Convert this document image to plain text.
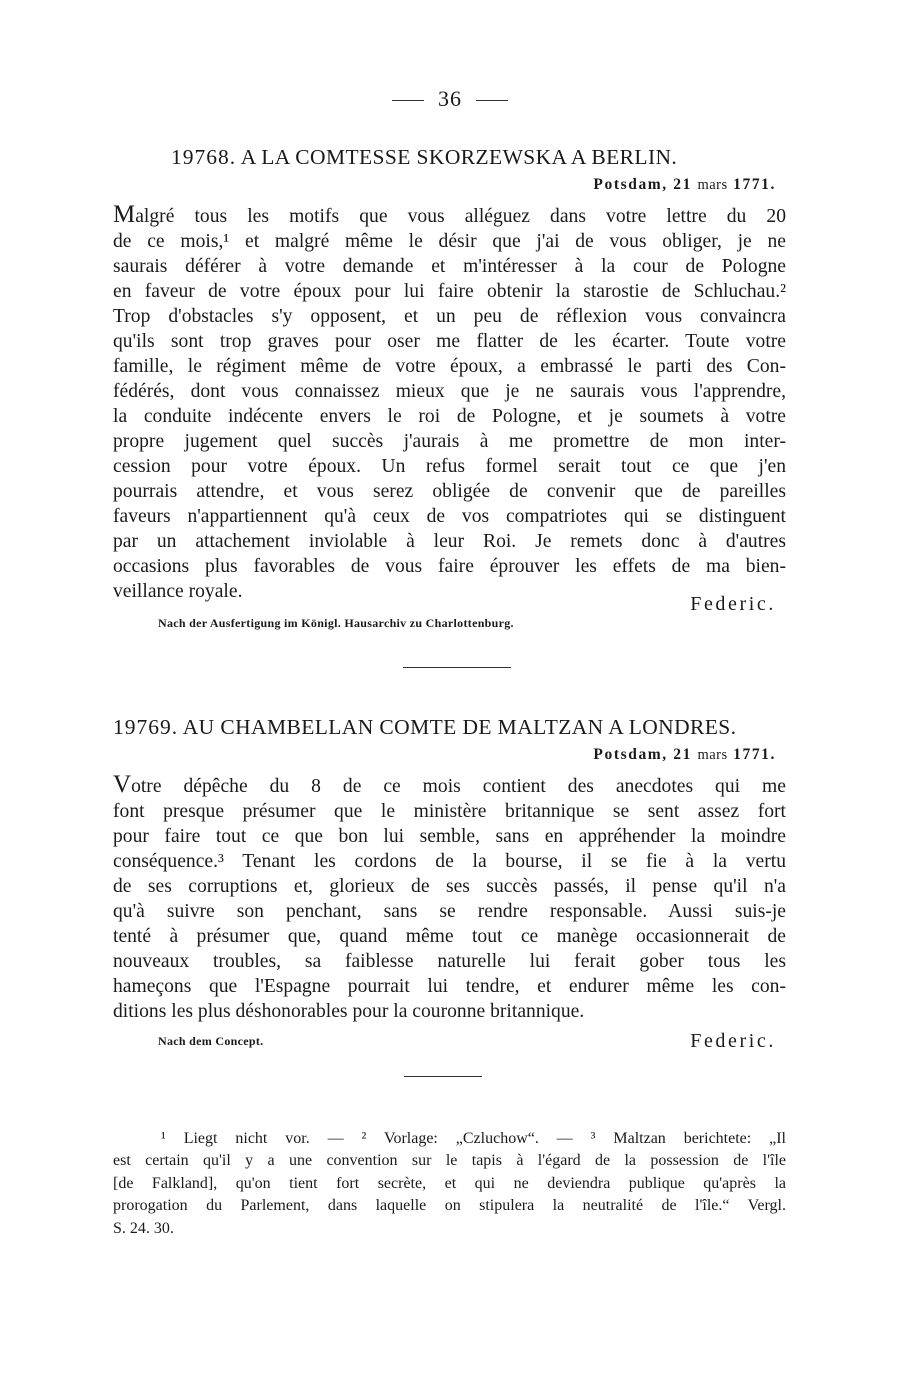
36
19768. A LA COMTESSE SKORZEWSKA A BERLIN.
Potsdam, 21 mars 1771.
Malgré tous les motifs que vous alléguez dans votre lettre du 20
de ce mois,¹ et malgré même le désir que j'ai de vous obliger, je ne
saurais déférer à votre demande et m'intéresser à la cour de Pologne
en faveur de votre époux pour lui faire obtenir la starostie de Schluchau.²
Trop d'obstacles s'y opposent, et un peu de réflexion vous convaincra
qu'ils sont trop graves pour oser me flatter de les écarter. Toute votre
famille, le régiment même de votre époux, a embrassé le parti des Con-
fédérés, dont vous connaissez mieux que je ne saurais vous l'apprendre,
la conduite indécente envers le roi de Pologne, et je soumets à votre
propre jugement quel succès j'aurais à me promettre de mon inter-
cession pour votre époux. Un refus formel serait tout ce que j'en
pourrais attendre, et vous serez obligée de convenir que de pareilles
faveurs n'appartiennent qu'à ceux de vos compatriotes qui se distinguent
par un attachement inviolable à leur Roi. Je remets donc à d'autres
occasions plus favorables de vous faire éprouver les effets de ma bien-
veillance royale.
Federic.
Nach der Ausfertigung im Königl. Hausarchiv zu Charlottenburg.
19769. AU CHAMBELLAN COMTE DE MALTZAN A LONDRES.
Potsdam, 21 mars 1771.
Votre dépêche du 8 de ce mois contient des anecdotes qui me
font presque présumer que le ministère britannique se sent assez fort
pour faire tout ce que bon lui semble, sans en appréhender la moindre
conséquence.³ Tenant les cordons de la bourse, il se fie à la vertu
de ses corruptions et, glorieux de ses succès passés, il pense qu'il n'a
qu'à suivre son penchant, sans se rendre responsable. Aussi suis-je
tenté à présumer que, quand même tout ce manège occasionnerait de
nouveaux troubles, sa faiblesse naturelle lui ferait gober tous les
hameçons que l'Espagne pourrait lui tendre, et endurer même les con-
ditions les plus déshonorables pour la couronne britannique.
Federic.
Nach dem Concept.
¹ Liegt nicht vor. — ² Vorlage: „Czluchow“. — ³ Maltzan berichtete: „Il
est certain qu'il y a une convention sur le tapis à l'égard de la possession de l'île
[de Falkland], qu'on tient fort secrète, et qui ne deviendra publique qu'après la
prorogation du Parlement, dans laquelle on stipulera la neutralité de l'île.“ Vergl.
S. 24. 30.
